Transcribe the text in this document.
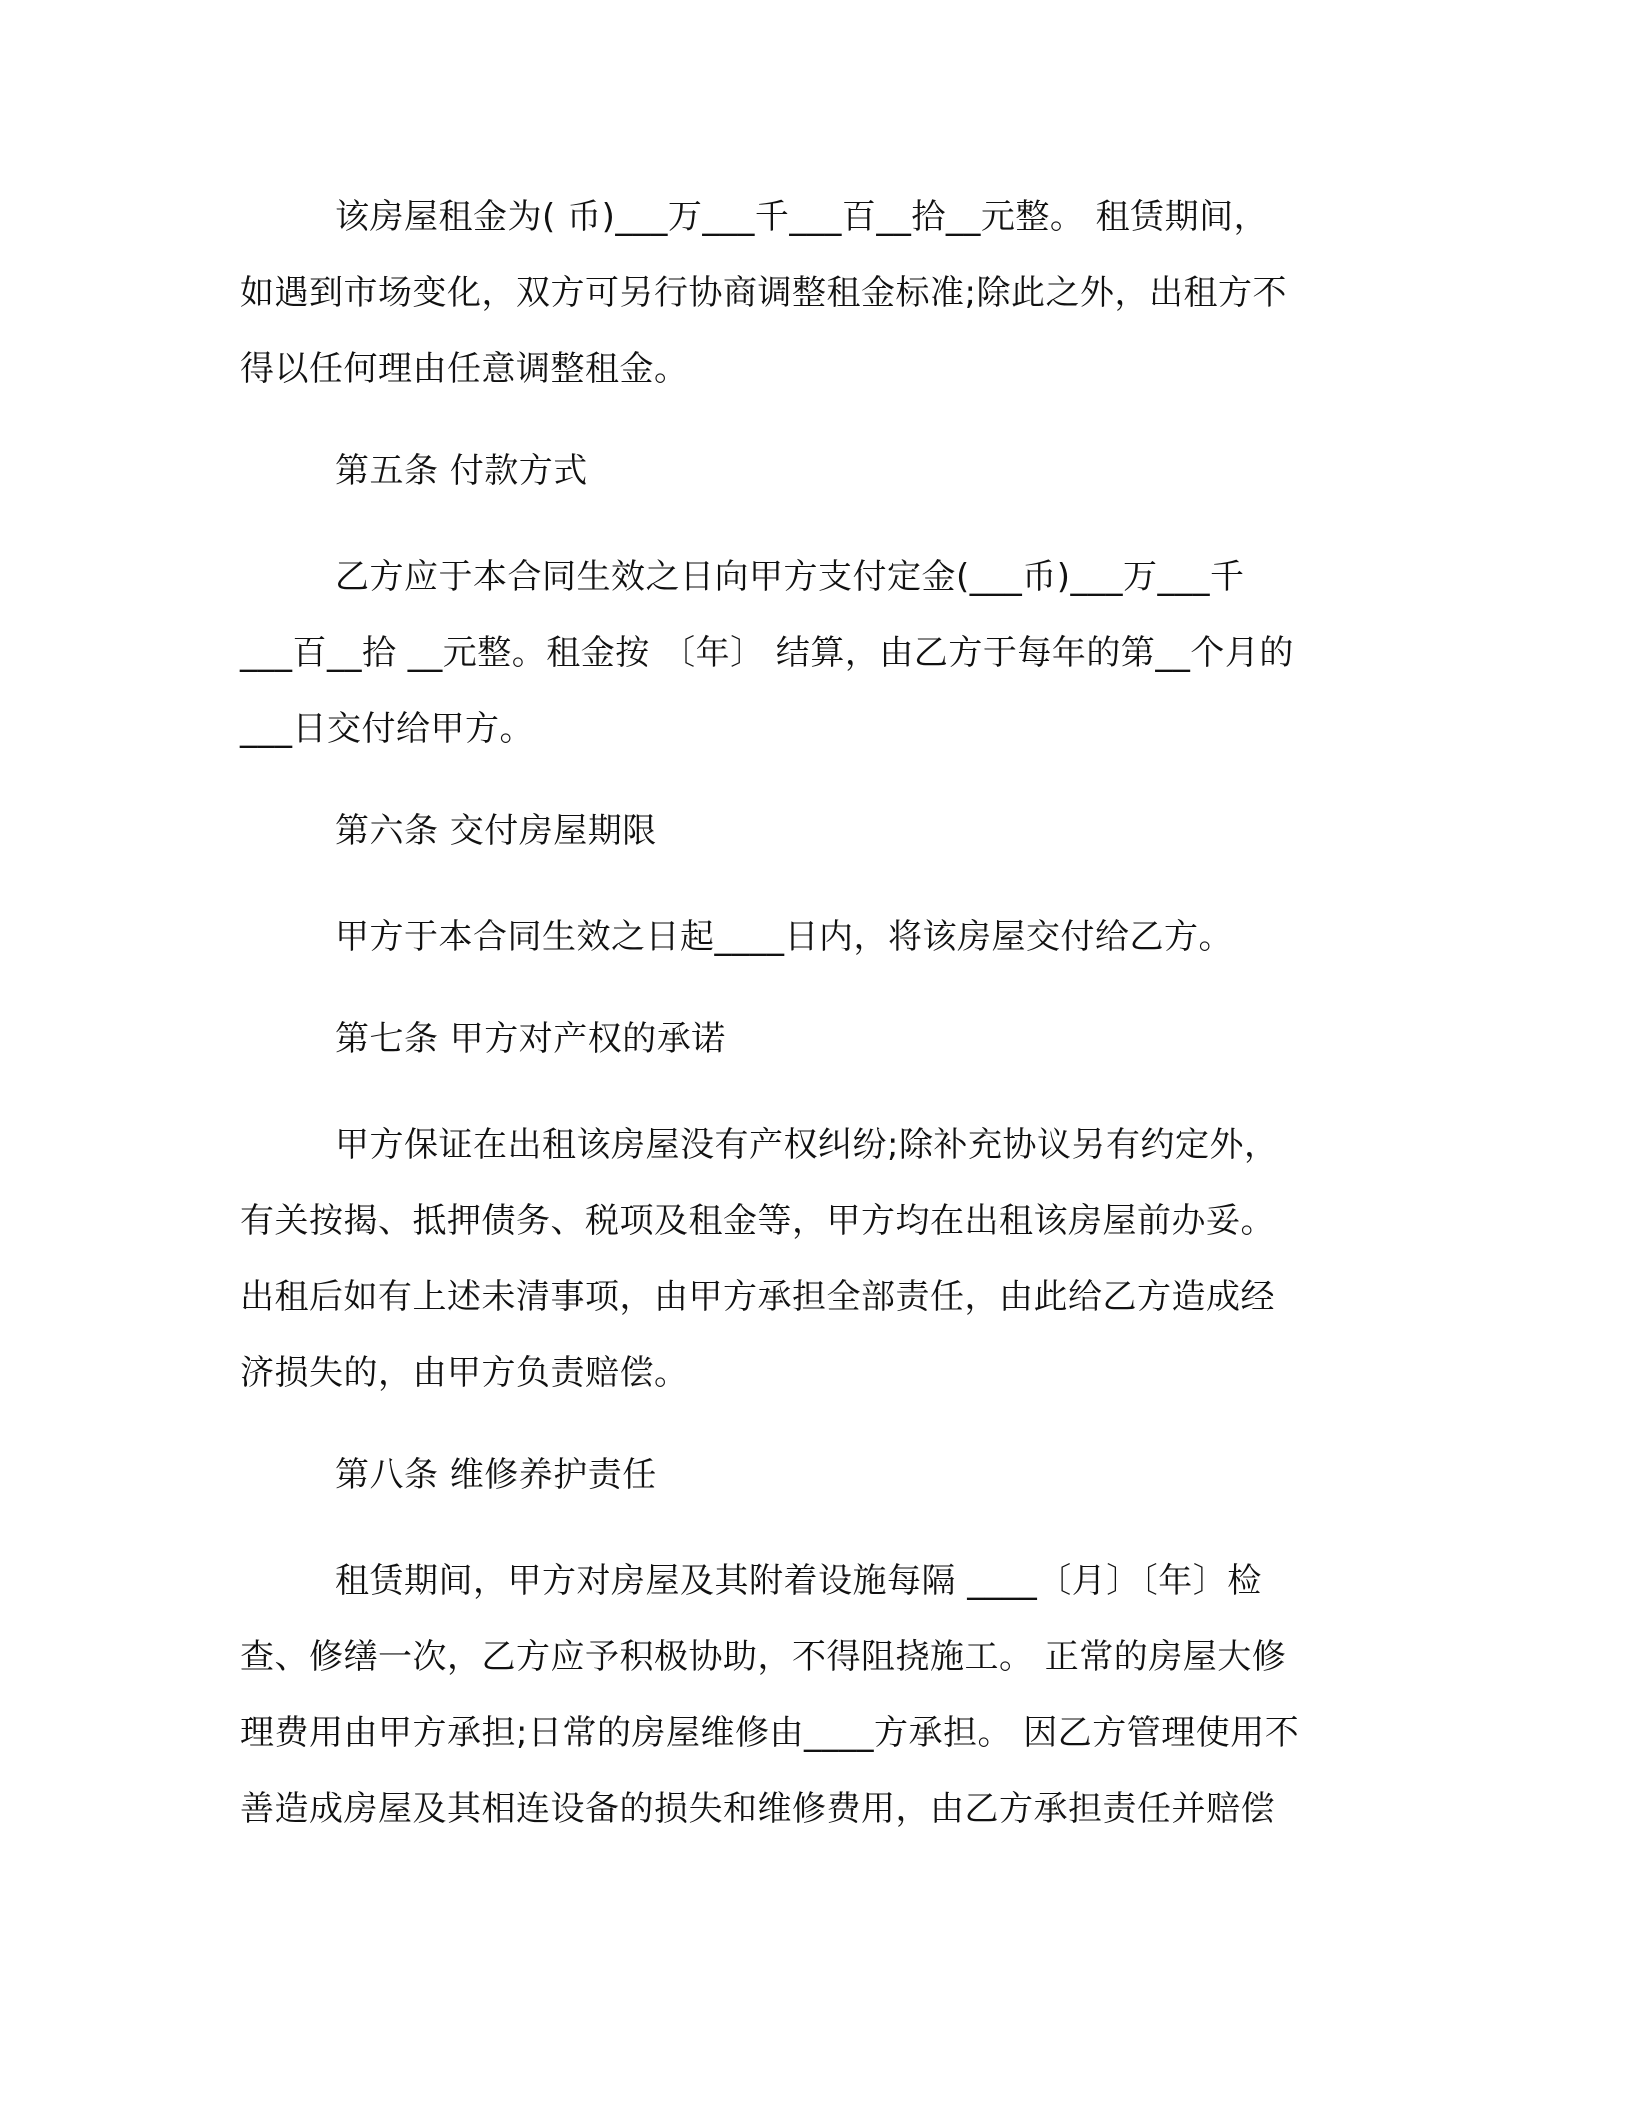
该房屋租金为( 币)___万___千___百__拾__元整。 租赁期间，
如遇到市场变化，双方可另行协商调整租金标准;除此之外，出租方不
得以任何理由任意调整租金。
第五条 付款方式
乙方应于本合同生效之日向甲方支付定金(___币)___万___千
___百__拾 __元整。租金按 〔年〕 结算，由乙方于每年的第__个月的
___日交付给甲方。
第六条 交付房屋期限
甲方于本合同生效之日起____日内，将该房屋交付给乙方。
第七条 甲方对产权的承诺
甲方保证在出租该房屋没有产权纠纷;除补充协议另有约定外，
有关按揭、抵押债务、税项及租金等，甲方均在出租该房屋前办妥。
出租后如有上述未清事项，由甲方承担全部责任，由此给乙方造成经
济损失的，由甲方负责赔偿。
第八条 维修养护责任
租赁期间，甲方对房屋及其附着设施每隔 ____〔月〕〔年〕检
查、修缮一次，乙方应予积极协助，不得阻挠施工。 正常的房屋大修
理费用由甲方承担;日常的房屋维修由____方承担。 因乙方管理使用不
善造成房屋及其相连设备的损失和维修费用，由乙方承担责任并赔偿
